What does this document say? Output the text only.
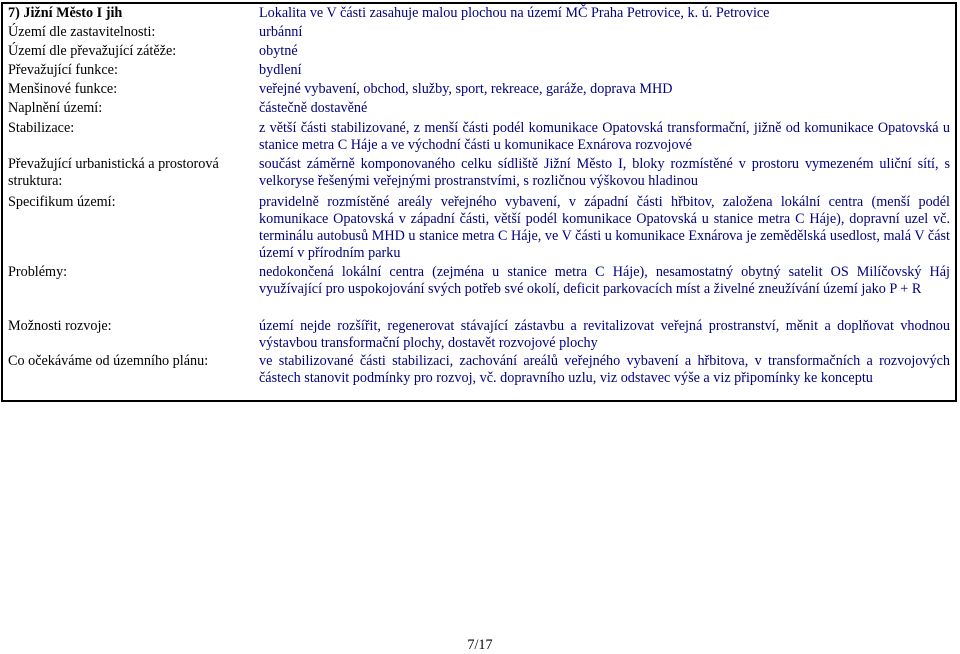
7) Jižní Město I jih	Lokalita ve V části zasahuje malou plochou na území MČ Praha Petrovice, k. ú. Petrovice
Území dle zastavitelnosti:	urbánní
Území dle převažující zátěže:	obytné
Převažující funkce:	bydlení
Menšinové funkce:	veřejné vybavení, obchod, služby, sport, rekreace, garáže, doprava MHD
Naplnění území:	částečně dostavěné
Stabilizace:	z větší části stabilizované, z menší části podél komunikace Opatovská transformační, jižně od komunikace Opatovská u stanice metra C Háje a ve východní části u komunikace Exnárova rozvojové
Převažující urbanistická a prostorová struktura:
součást záměrně komponovaného celku sídliště Jižní Město I, bloky rozmístěné v prostoru vymezeném uliční sítí, s velkoryse řešenými veřejnými prostranstvími, s rozličnou výškovou hladinou
Specifikum území:	pravidelně rozmístěné areály veřejného vybavení, v západní části hřbitov, založena lokální centra (menší podél komunikace Opatovská v západní části, větší podél komunikace Opatovská u stanice metra C Háje), dopravní uzel vč. terminálu autobusů MHD u stanice metra C Háje, ve V části u komunikace Exnárova je zemědělská usedlost, malá V část území v přírodním parku
Problémy:	nedokončená lokální centra (zejména u stanice metra C Háje), nesamostatný obytný satelit OS Milíčovský Háj využívající pro uspokojování svých potřeb své okolí, deficit parkovacích míst a živelné zneužívání území jako P + R
Možnosti rozvoje:	území nejde rozšířit, regenerovat stávající zástavbu a revitalizovat veřejná prostranství, měnit a doplňovat vhodnou výstavbou transformační plochy, dostavět rozvojové plochy
Co očekáváme od územního plánu:	ve stabilizované části stabilizaci, zachování areálů veřejného vybavení a hřbitova, v transformačních a rozvojových částech stanovit podmínky pro rozvoj, vč. dopravního uzlu, viz odstavec výše a viz připomínky ke konceptu
7/17
